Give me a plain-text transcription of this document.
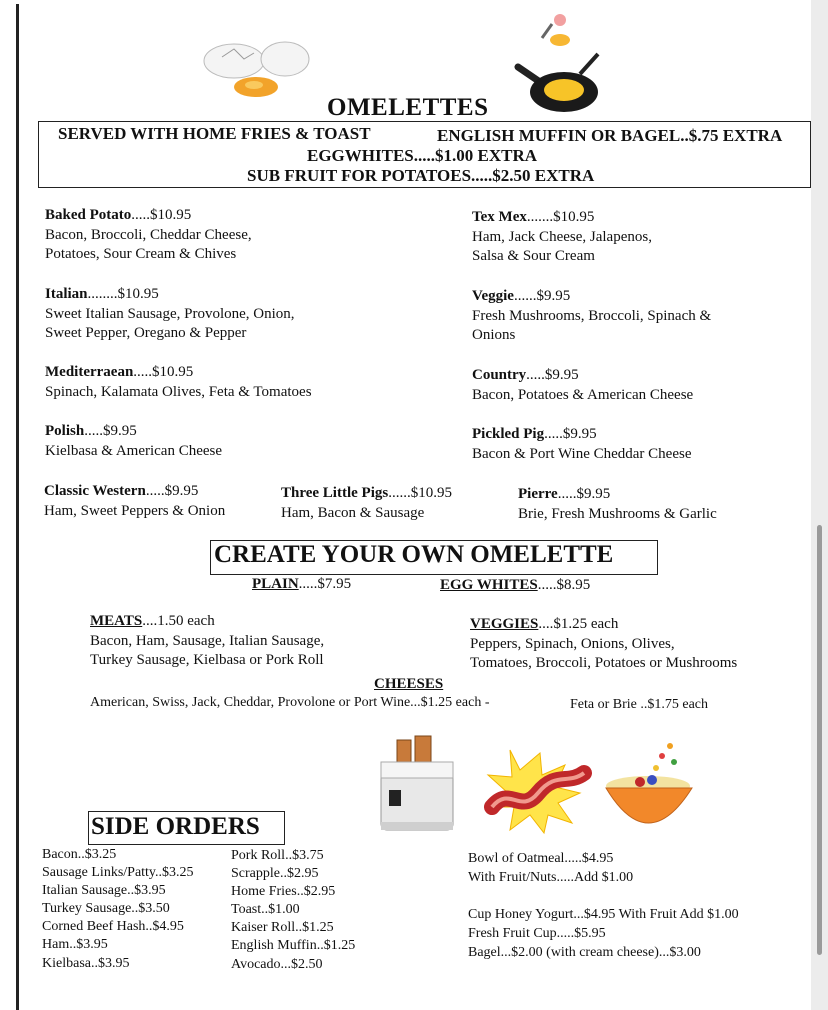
OMELETTES
SERVED WITH HOME FRIES & TOAST	ENGLISH MUFFIN OR BAGEL..$.75 EXTRA
EGGWHITES.....$1.00 EXTRA
SUB FRUIT FOR POTATOES.....$2.50 EXTRA
Baked Potato.....$10.95
Bacon, Broccoli, Cheddar Cheese,
Potatoes, Sour Cream & Chives
Tex Mex.......$10.95
Ham, Jack Cheese, Jalapenos,
Salsa & Sour Cream
Italian........$10.95
Sweet Italian Sausage, Provolone, Onion,
Sweet Pepper, Oregano & Pepper
Veggie......$9.95
Fresh Mushrooms, Broccoli, Spinach &
Onions
Mediterraean.....$10.95
Spinach, Kalamata Olives, Feta & Tomatoes
Country.....$9.95
Bacon, Potatoes & American Cheese
Polish.....$9.95
Kielbasa & American Cheese
Pickled Pig.....$9.95
Bacon & Port Wine Cheddar Cheese
Classic Western.....$9.95
Ham, Sweet Peppers & Onion
Three Little Pigs......$10.95
Ham, Bacon & Sausage
Pierre.....$9.95
Brie, Fresh Mushrooms & Garlic
CREATE YOUR OWN OMELETTE
PLAIN.....$7.95	EGG WHITES.....$8.95
MEATS....1.50 each
Bacon, Ham, Sausage, Italian Sausage,
Turkey Sausage, Kielbasa or Pork Roll
VEGGIES....$1.25 each
Peppers, Spinach, Onions, Olives,
Tomatoes, Broccoli, Potatoes or Mushrooms
CHEESES
American, Swiss, Jack, Cheddar, Provolone or Port Wine...$1.25 each -	Feta or Brie ..$1.75 each
SIDE ORDERS
Bacon..$3.25
Sausage Links/Patty..$3.25
Italian Sausage..$3.95
Turkey Sausage..$3.50
Corned Beef Hash..$4.95
Ham..$3.95
Kielbasa..$3.95
Pork Roll..$3.75
Scrapple..$2.95
Home Fries..$2.95
Toast..$1.00
Kaiser Roll..$1.25
English Muffin..$1.25
Avocado...$2.50
Bowl of Oatmeal.....$4.95
With Fruit/Nuts.....Add $1.00
Cup Honey Yogurt...$4.95 With Fruit Add $1.00
Fresh Fruit Cup.....$5.95
Bagel...$2.00 (with cream cheese)...$3.00
